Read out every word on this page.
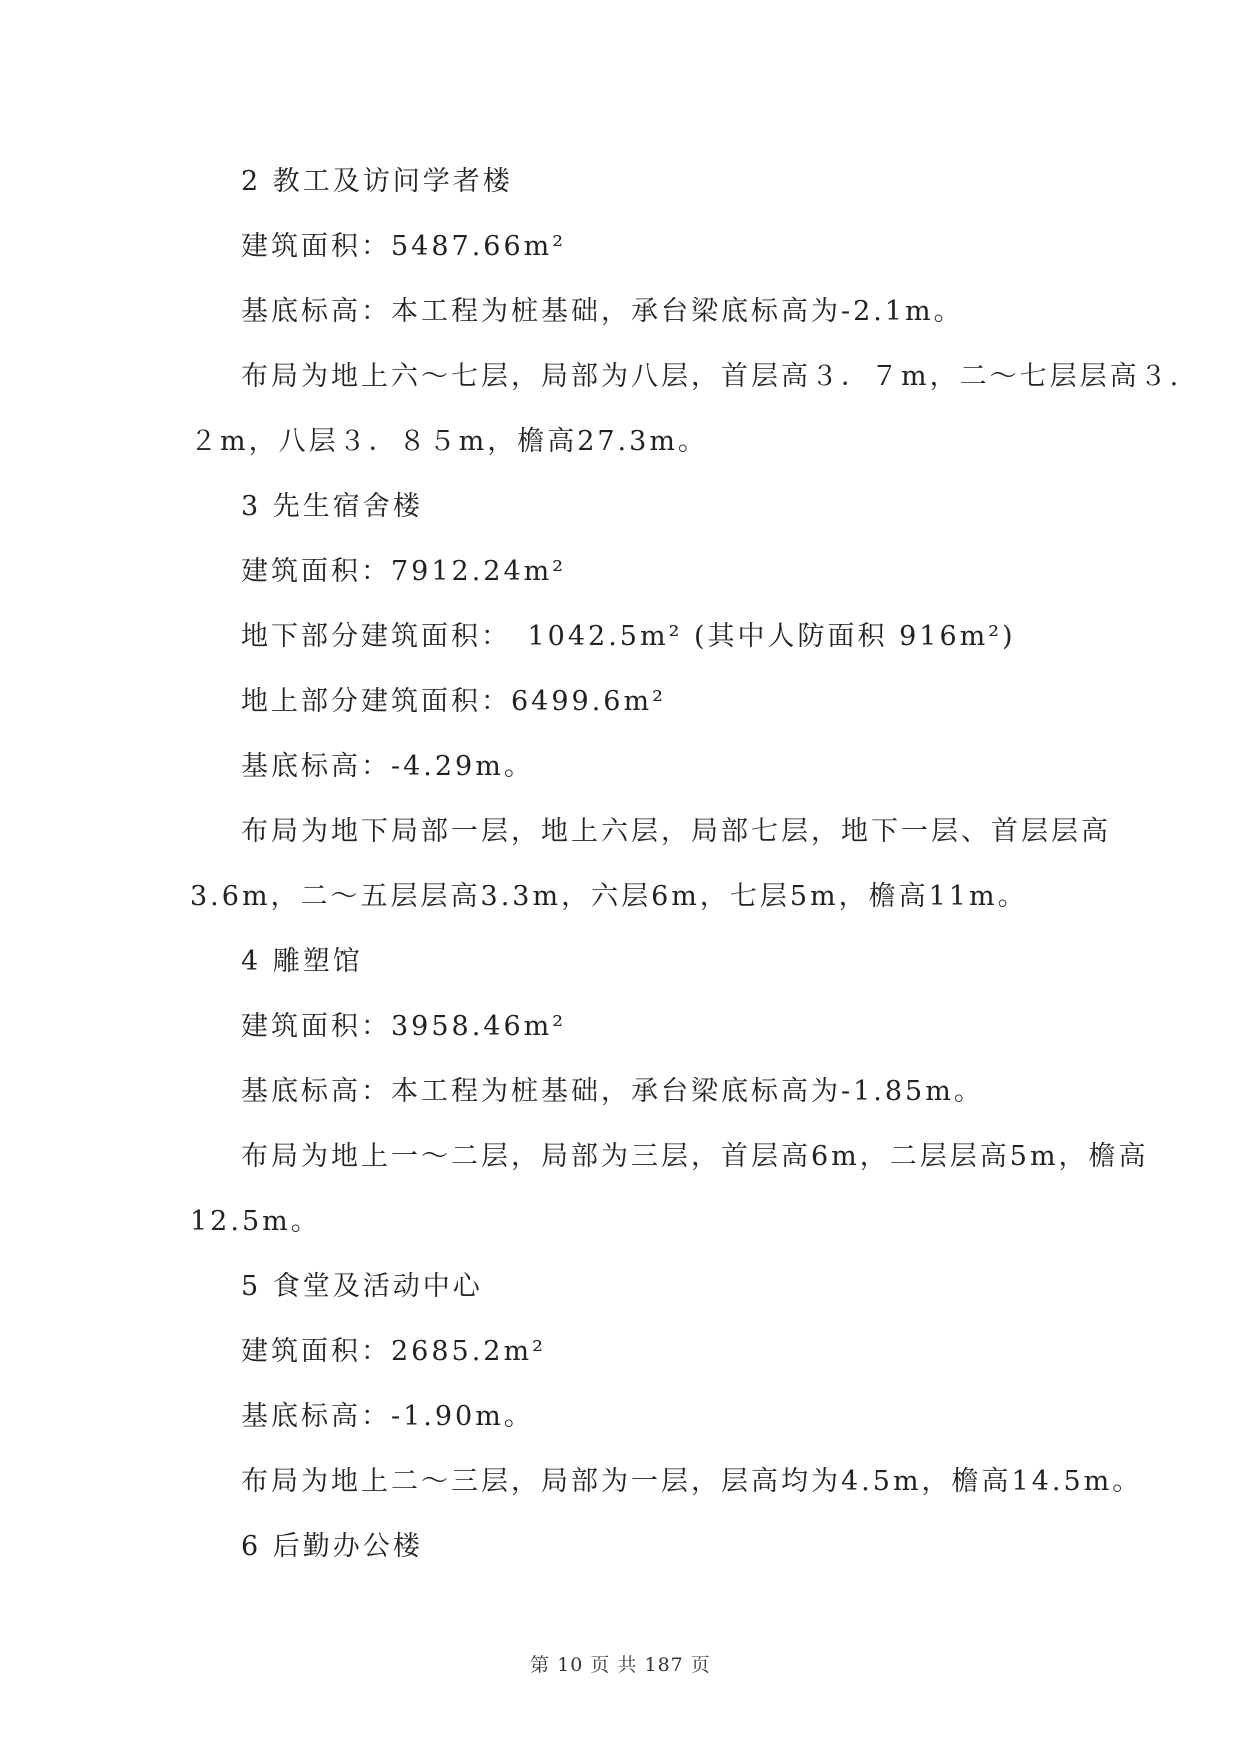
2 教工及访问学者楼
建筑面积：5487.66m²
基底标高：本工程为桩基础，承台梁底标高为-2.1m。
布局为地上六～七层，局部为八层，首层高３．７m，二～七层层高３.
２m，八层３．８５m，檐高27.3m。
3 先生宿舍楼
建筑面积：7912.24m²
地下部分建筑面积：　1042.5m² (其中人防面积 916m²)
地上部分建筑面积：6499.6m²
基底标高：-4.29m。
布局为地下局部一层，地上六层，局部七层，地下一层、首层层高
3.6m，二～五层层高3.3m，六层6m，七层5m，檐高11m。
4 雕塑馆
建筑面积：3958.46m²
基底标高：本工程为桩基础，承台梁底标高为-1.85m。
布局为地上一～二层，局部为三层，首层高6m，二层层高5m，檐高
12.5m。
5 食堂及活动中心
建筑面积：2685.2m²
基底标高：-1.90m。
布局为地上二～三层，局部为一层，层高均为4.5m，檐高14.5m。
6 后勤办公楼
第 10 页 共 187 页
